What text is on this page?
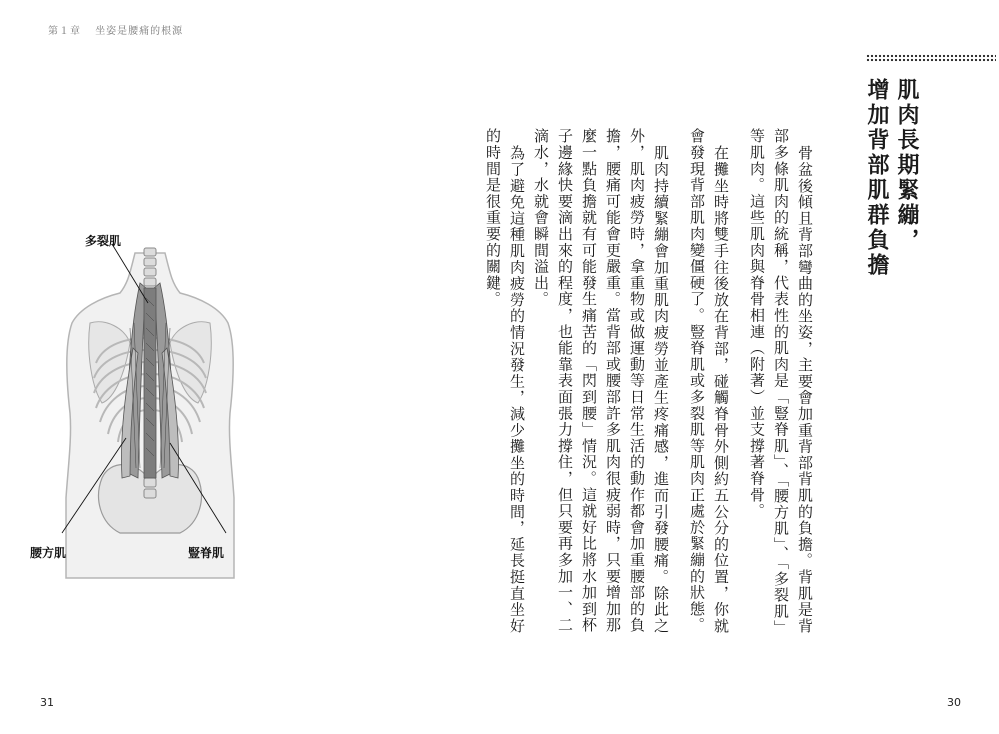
第１章 坐姿是腰痛的根源
肌肉長期緊繃，
增加背部肌群負擔

骨盆後傾且背部彎曲的坐姿，主要會加重背部背肌的負擔。背肌是背部多條肌肉的統稱，代表性的肌肉是「豎脊肌」、「腰方肌」、「多裂肌」等肌肉。這些肌肉與脊骨相連（附著）並支撐著脊骨。

在攤坐時將雙手往後放在背部，碰觸脊骨外側約五公分的位置，你就會發現背部肌肉變僵硬了。豎脊肌或多裂肌等肌肉正處於緊繃的狀態。

肌肉持續緊繃會加重肌肉疲勞並產生疼痛感，進而引發腰痛。除此之外，肌肉疲勞時，拿重物或做運動等日常生活的動作都會加重腰部的負擔，腰痛可能會更嚴重。當背部或腰部許多肌肉很疲弱時，只要增加那麼一點負擔就有可能發生痛苦的「閃到腰」情況。這就好比將水加到杯子邊緣快要滴出來的程度，也能靠表面張力撐住，但只要再多加一、二滴水，水就會瞬間溢出。

為了避免這種肌肉疲勞的情況發生，減少攤坐的時間，延長挺直坐好的時間是很重要的關鍵。

多裂肌
腰方肌	豎脊肌
31	30
